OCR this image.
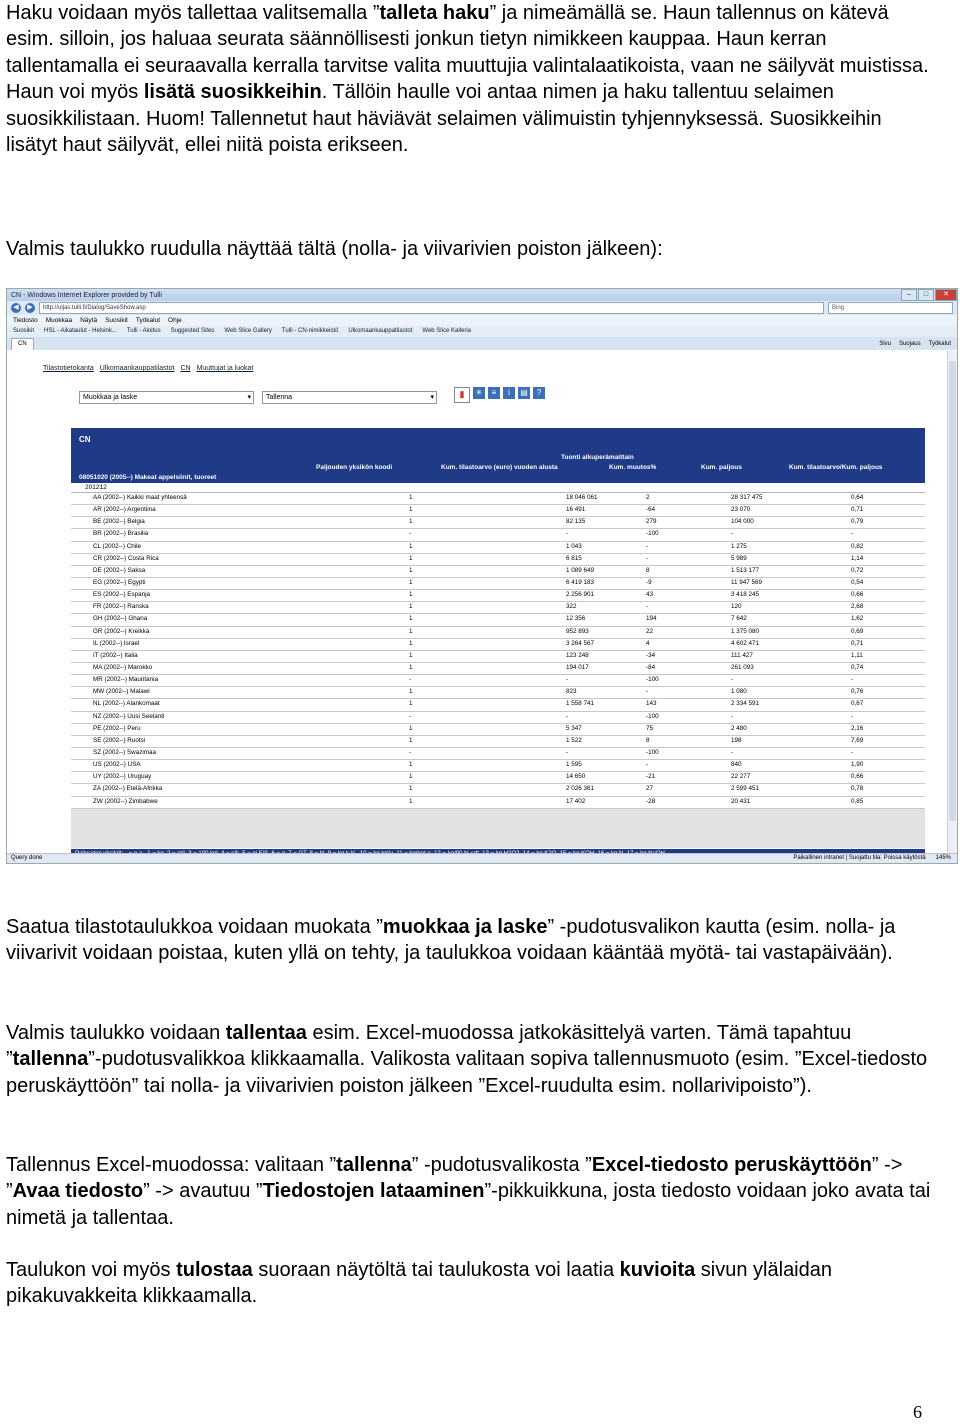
Haku voidaan myös tallettaa valitsemalla ”talleta haku” ja nimeämällä se. Haun tallennus on kätevä esim. silloin, jos haluaa seurata säännöllisesti jonkun tietyn nimikkeen kauppaa. Haun kerran tallentamalla ei seuraavalla kerralla tarvitse valita muuttujia valintalaatikoista, vaan ne säilyvät muistissa. Haun voi myös lisätä suosikkeihin. Tällöin haulle voi antaa nimen ja haku tallentuu selaimen suosikkilistaan. Huom! Tallennetut haut häviävät selaimen välimuistin tyhjennyksessä. Suosikkeihin lisätyt haut säilyvät, ellei niitä poista erikseen.
Valmis taulukko ruudulla näyttää tältä (nolla- ja viivarivien poiston jälkeen):
CN - Windows Internet Explorer provided by Tulli	–	□	✕
◀	▶	http://uljas.tulli.fi/Dialog/SaveShow.asp	Bing
Tiedosto Muokkaa Näytä Suosikit Työkalut Ohje
Suosikit HSL - Aikataulut - Helsink... Tulli - Aloitus Suggested Sites Web Slice Gallery Tulli - CN-nimikkeistö Ulkomaankauppatilastot Web Slice Kalleria
CN	Sivu Suojaus Työkalut
Tilastotietokanta Ulkomaankauppatilastot CN Muuttujat ja luokat
Muokkaa ja laske ▾	Tallenna ▾	▮	✳	≡	i	▤	?
CN
Tuonti alkuperämaittain
Paljouden yksikön koodi	Kum. tilastoarvo (euro) vuoden alusta	Kum. muutos%	Kum. paljous	Kum. tilastoarvo/Kum. paljous
08051020 (2005--) Makeat appelsiinit, tuoreet
201212
AA (2002--) Kaikki maat yhteensä	1	18 046 061	2	28 317 475	0,64
AR (2002--) Argentiina	1	16 491	-64	23 070	0,71
BE (2002--) Belgia	1	82 135	279	104 000	0,79
BR (2002--) Brasilia	-	-	-100	-	-
CL (2002--) Chile	1	1 043	-	1 275	0,82
CR (2002--) Costa Rica	1	6 815	-	5 989	1,14
DE (2002--) Saksa	1	1 089 649	8	1 513 177	0,72
EG (2002--) Egypti	1	6 419 183	-9	11 947 569	0,54
ES (2002--) Espanja	1	2 256 901	43	3 418 245	0,66
FR (2002--) Ranska	1	322	-	120	2,68
GH (2002--) Ghana	1	12 356	194	7 642	1,62
GR (2002--) Kreikka	1	952 893	22	1 375 080	0,69
IL (2002--) Israel	1	3 264 567	4	4 602 471	0,71
IT (2002--) Italia	1	123 248	-34	111 427	1,11
MA (2002--) Marokko	1	194 017	-84	261 093	0,74
MR (2002--) Mauritania	-	-	-100	-	-
MW (2002--) Malawi	1	823	-	1 080	0,76
NL (2002--) Alankomaat	1	1 558 741	143	2 334 591	0,67
NZ (2002--) Uusi Seelanti	-	-	-100	-	-
PE (2002--) Peru	1	5 347	75	2 480	2,16
SE (2002--) Ruotsi	1	1 522	8	198	7,69
SZ (2002--) Swazimaa	-	-	-100	-	-
US (2002--) USA	1	1 595	-	840	1,90
UY (2002--) Uruguay	1	14 650	-21	22 277	0,66
ZA (2002--) Etelä-Afrikka	1	2 026 361	27	2 599 451	0,78
ZW (2002--) Zimbabwe	1	17 402	-28	20 431	0,85
Query done	Paikallinen intranet | Suojattu tila: Poissa käytöstä 145%
Saatua tilastotaulukkoa voidaan muokata ”muokkaa ja laske” -pudotusvalikon kautta (esim. nolla- ja viivarivit voidaan poistaa, kuten yllä on tehty, ja taulukkoa voidaan kääntää myötä- tai vastapäivään).
Valmis taulukko voidaan tallentaa esim. Excel-muodossa jatkokäsittelyä varten. Tämä tapahtuu ”tallenna”-pudotusvalikkoa klikkaamalla. Valikosta valitaan sopiva tallennusmuoto (esim. ”Excel-tiedosto peruskäyttöön” tai nolla- ja viivarivien poiston jälkeen ”Excel-ruudulta esim. nollarivipoisto”).
Tallennus Excel-muodossa: valitaan ”tallenna” -pudotusvalikosta ”Excel-tiedosto peruskäyttöön” -> ”Avaa tiedosto” -> avautuu ”Tiedostojen lataaminen”-pikkuikkuna, josta tiedosto voidaan joko avata tai nimetä ja tallentaa.
Taulukon voi myös tulostaa suoraan näytöltä tai taulukosta voi laatia kuvioita sivun ylälaidan pikakuvakkeita klikkaamalla.
6
